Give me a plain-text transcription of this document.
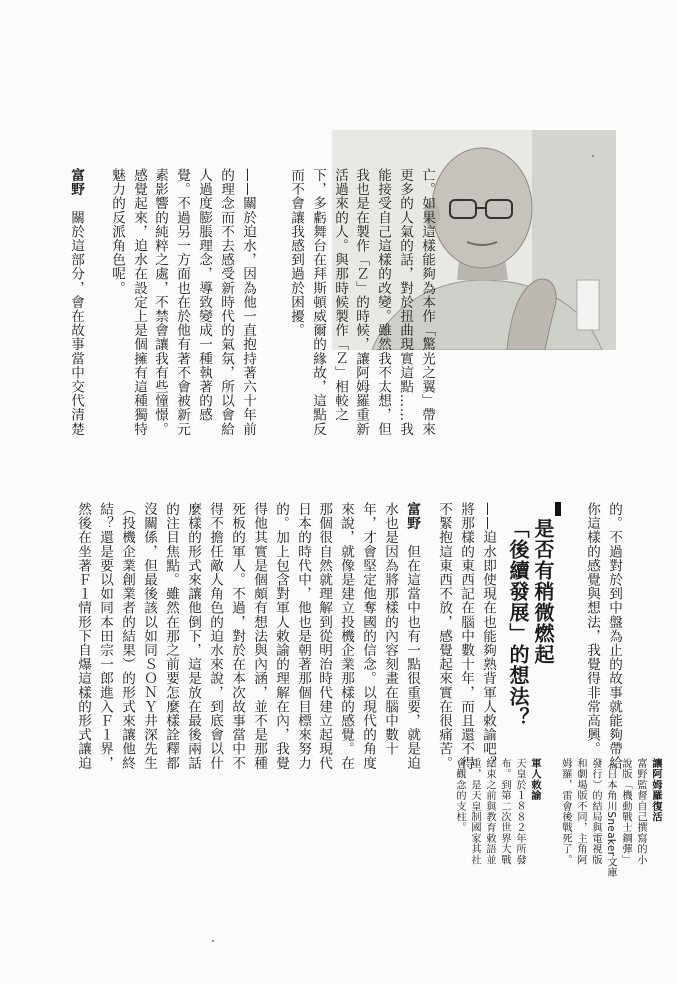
亡。如果這樣能夠為本作「驚光之翼」帶來
更多的人氣的話，對於扭曲現實這點……我
能接受自己這樣的改變。雖然我不太想，但
我也是在製作「Ｚ」的時候，讓阿姆羅重新
活過來的人。與那時候製作「Ｚ」相較之
下，多虧舞台在拜斯頓威爾的緣故，這點反
而不會讓我感到過於困擾。
——關於迫水，因為他一直抱持著六十年前
的理念而不去感受新時代的氣氛，所以會給
人過度膨脹理念，導致變成一種執著的感
覺。不過另一方面也在於他有著不會被新元
素影響的純粹之處，不禁會讓我有些憧憬。
感覺起來，迫水在設定上是個擁有這種獨特
魅力的反派角色呢。
富野　關於這部分，會在故事當中交代清楚
的。不過對於到中盤為止的故事就能夠帶給
你這樣的感覺與想法，我覺得非常高興。
是否有稍微燃起
「後續發展」的想法？
——迫水即使現在也能夠熟背軍人敕諭吧？
將那樣的東西記在腦中數十年，而且還不得
不緊抱這東西不放，感覺起來實在很痛苦。
富野　但在這當中也有一點很重要，就是迫
水也是因為將那樣的內容刻畫在腦中數十
年，才會堅定他奪國的信念。以現代的角度
來說，就像是建立投機企業那樣的感覺。在
那個很自然就理解到從明治時代建立起現代
日本的時代中，他也是朝著那個目標來努力
的。加上包含對軍人敕諭的理解在內，我覺
得他其實是個頗有想法與內涵，並不是那種
死板的軍人。不過，對於在本次故事當中不
得不擔任敵人角色的迫水來說，到底會以什
麼樣的形式來讓他倒下，這是放在最後兩話
的注目焦點。雖然在那之前要怎麼樣詮釋都
沒關係，但最後該以如同ＳＯＮＹ井深先生
（投機企業創業者的結果）的形式來讓他終
結？還是要以如同本田宗一郎進入Ｆ１界，
然後在坐著Ｆ１情形下自爆這樣的形式讓迫
讓阿姆羅復活
富野監督自己撰寫的小
說版「機動戰士鋼彈」
（日本角川Sneaker文庫
發行）的結局與電視版
和劇場版不同，主角阿
姆羅，雷會後戰死了。
軍人敕諭
天皇於１８８２年所發
布。到第二次世界大戰
結束之前與教育敕語並
重，是天皇制國家其社
會觀念的支柱。
